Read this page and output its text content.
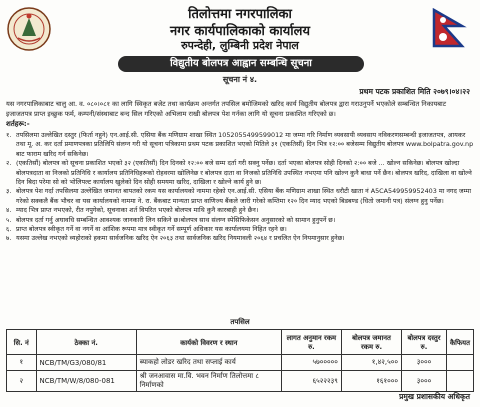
तिलोत्तमा नगरपालिका
नगर कार्यपालिकाको कार्यालय
रुपन्देही, लुम्बिनी प्रदेश नेपाल
विद्युतीय बोलपत्र आह्वान सम्बन्धि सूचना
सूचना नं ४.
प्रथम पटक प्रकाशित मिति २०७९।०४।२२
यस नगरपालिकाबाट चालु आ. व. ०८०।०८१ का लागि स्विकृत बजेट तथा कार्यक्रम अन्तर्गत तपसिल बमोजिमको खरिद कार्य विद्युतीय बोलपत्र द्वारा गराउनुपर्ने भएकोले सम्बन्धित निकायबाट इजाजतपत्र प्राप्त इच्छुक फर्म, कम्पनी/संस्थाबाट बन्द सिल गरिएको अभिलाम राखी बोलपत्र पेश गर्नका लागि यो सूचना प्रकाशित गरिएको छ।
शर्तहरू:-
१. तपसिलमा उल्लेखित दस्तुर (फिर्ता नहुने) एन.आई.सी. एसिया बैंक मणिग्राम शाखा स्थित 1052055499599012 मा जम्मा गरि निर्माण व्यवसायी व्यवसाय नविकरणसम्बन्धी इजाजतपत्र, आयकर तथा मू. अ. कर दर्ता प्रमाणपत्रका प्रतिलिपि संलग्न गरी यो सूचना पत्रिकामा प्रथम पटक प्रकाशित भएको मितिले ३१ (एकतिसौं) दिन भित्र १२:०० बजेसम्म विद्युतीय बोलपत्र www.bolpatra.gov.np बाट फाराम खरिद गर्न सकिनेछ।
२. (एकतिसौं) बोलपत्र को सूचना प्रकाशित भएको ३२ (एकतिसौं) दिन दिनको १२:०० बजे सम्म दर्ता गरी सक्नु पर्नेछ। दर्ता भएका बोलपत्र सोही दिनको २:०० बजे ... खोल्न सकिनेछ। बोलपत्र खोल्दा बोलपत्रदाता वा निजको प्रतिनिधि र कार्यालय प्रतिनिधिहरूको रोहवरमा खोलिनेछ र बोलपत्र दाता वा निजको प्रतिनिधि उपस्थित नभएमा पनि खोल्न कुनै बाधा पर्ने छैन। बोलपत्र खरिद, दाखिला वा खोल्ने दिन बिदा परेमा सो को भोलिपल्ट कार्यालय खुलेको दिन सोही समयमा खरिद, दाखिला र खोल्ने कार्य हुने छ।
३. बोलपत्र पेश गर्दा तपसिलमा उल्लेखित जमानत बापतको रकम यस कार्यालयको नाममा रहेको एन.आई.सी. एसिया बैंक मणिग्राम शाखा स्थित धरौटी खाता नं A5CA549959952403 मा नगद जम्मा गरेको सक्कलै बैंक भौचर वा यस कार्यालयको नाममा ने. रा. बैंकबाट मान्यता प्राप्त वाणिज्य बैंकले जारी गरेको कम्तिमा १२० दिन म्याद भएको बिडबण्ड (धितो जमानी पत्र) संलग्न हुनु पर्नेछ।
४. म्याद भित्र प्राप्त नभएको, रीत नपुगेको, सूचनाका शर्त विपरित भएको बोलपत्र माथि कुनै कारबाही हुने छैन।
५. बोलपत्र दर्ता गर्नु अघावधि सम्बन्धित आवश्यक जानकारी लिन सकिने छ।बोलपत्र साथ संलग्न स्पेसिफिकेसन अनुसारको को सामान हुनुपर्ने छ।
६. प्राप्त बोलपत्र स्वीकृत गर्ने वा नगर्ने वा आंशिक रूपमा मात्र स्वीकृत गर्ने सम्पूर्ण अधिकार यस कार्यालयमा निहित रहने छ।
७. यसमा उल्लेख नभएको व्यहोराको हकमा सार्वजनिक खरिद ऐन २०६३ तथा सार्वजनिक खरिद नियमावली २०६४ र प्रचलित ऐन नियमानुसार हुनेछ।
तपसिल
सि. नं	ठेक्का नं.	कार्यको विवरण र स्थान	लागत अनुमान रकम रु.	बोलपत्र जमानत रकम रु.	बोलपत्र दस्तुर रु.	कैफियत
१	NCB/TM/G3/080/81	ब्याकहो लोडर खरिद तथा सप्लाई कार्य	५७०००००	१,४२,५००	३०००	
२	NCB/TM/W/8/080-081	श्री जनआवास मा.वि. भवन निर्माण तिलोत्तमा ८ निर्माणको	६५२२२३९	१६१०००	३०००	
प्रमुख प्रशासकीय अधिकृत
